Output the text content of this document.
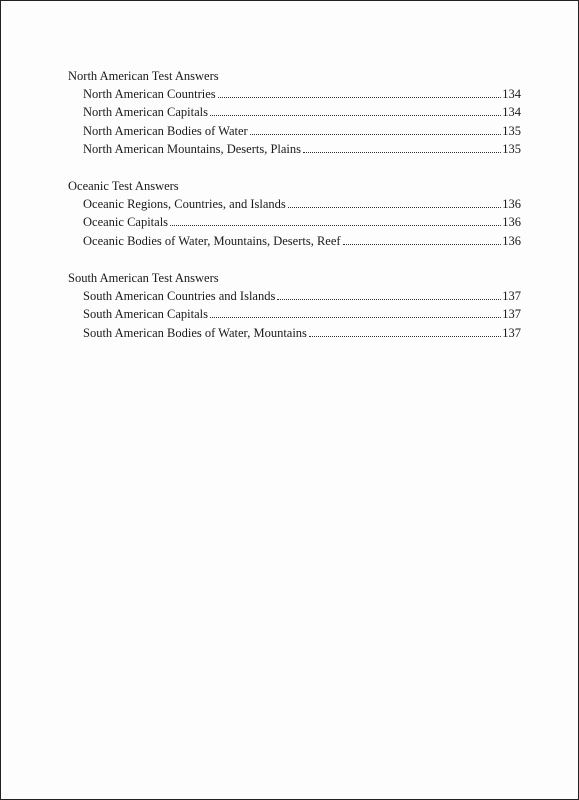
North American Test Answers
North American Countries	134
North American Capitals	134
North American Bodies of Water	135
North American Mountains, Deserts, Plains	135
Oceanic Test Answers
Oceanic Regions, Countries, and Islands	136
Oceanic Capitals	136
Oceanic Bodies of Water, Mountains, Deserts, Reef	136
South American Test Answers
South American Countries and Islands	137
South American Capitals	137
South American Bodies of Water, Mountains	137
